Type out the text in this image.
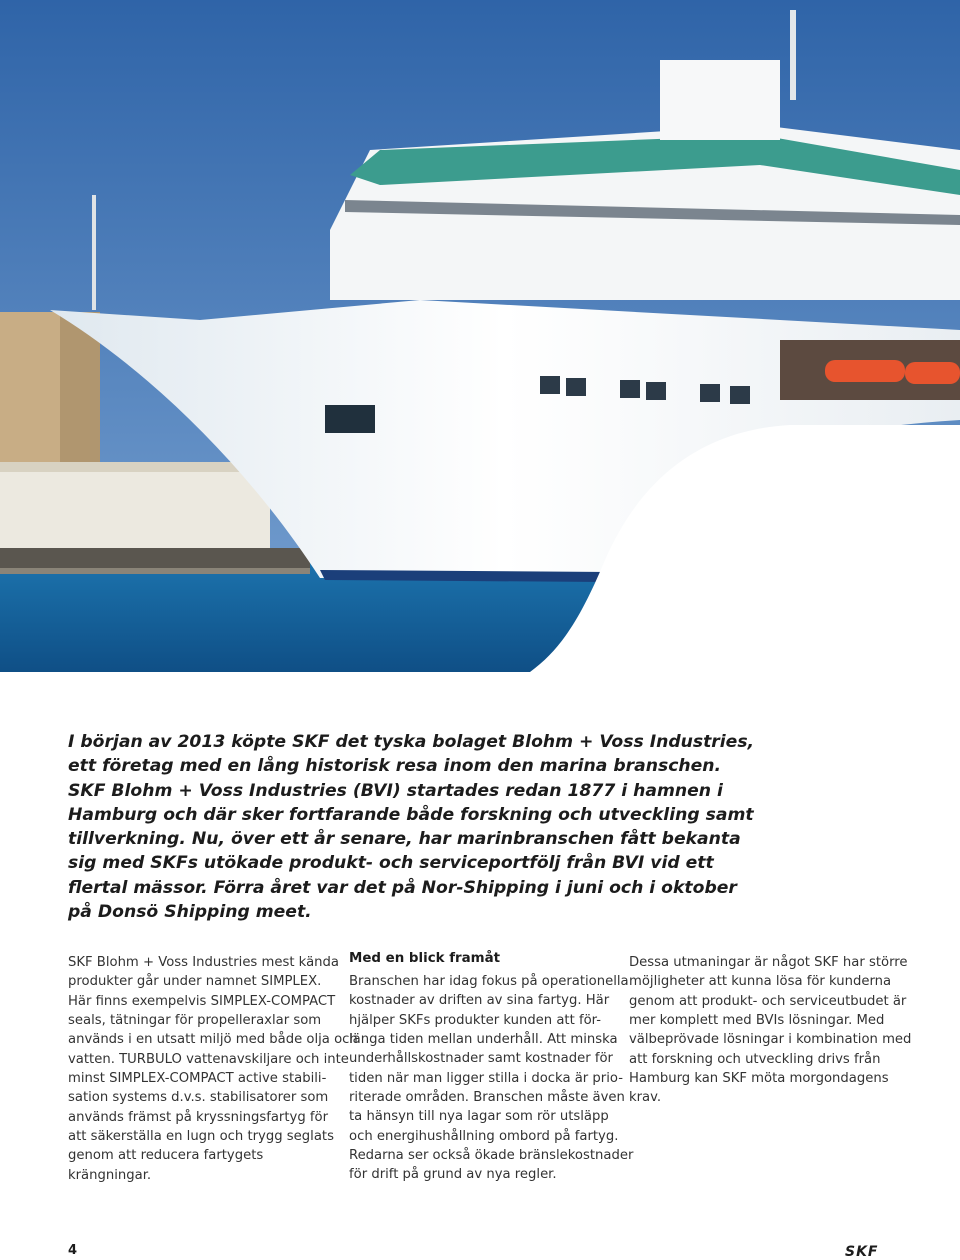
I början av 2013 köpte SKF det tyska bolaget Blohm + Voss Industries,

ett företag med en lång historisk resa inom den marina branschen.

SKF Blohm + Voss Industries (BVI) startades redan 1877 i hamnen i

Hamburg och där sker fortfarande både forskning och utveckling samt

tillverkning. Nu, över ett år senare, har marinbranschen fått bekanta

sig med SKFs utökade produkt- och serviceportfölj från BVI vid ett

flertal mässor. Förra året var det på Nor-Shipping i juni och i oktober

på Donsö Shipping meet.

SKF Blohm + Voss Industries mest kända

produkter går under namnet SIMPLEX.

Här finns exempelvis SIMPLEX-COMPACT

seals, tätningar för propelleraxlar som

används i en utsatt miljö med både olja och

vatten. TURBULO vattenavskiljare och inte

minst SIMPLEX-COMPACT active stabili-

sation systems d.v.s. stabilisatorer som

används främst på kryssningsfartyg för

att säkerställa en lugn och trygg seglats

genom att reducera fartygets

krängningar.

Med en blick framåt

Branschen har idag fokus på operationella

kostnader av driften av sina fartyg. Här

hjälper SKFs produkter kunden att för-

länga tiden mellan underhåll. Att minska

underhållskostnader samt kostnader för

tiden när man ligger stilla i docka är prio-

riterade områden. Branschen måste även

ta hänsyn till nya lagar som rör utsläpp

och energihushållning ombord på fartyg.

Redarna ser också ökade bränslekostnader

för drift på grund av nya regler.

Dessa utmaningar är något SKF har större

möjligheter att kunna lösa för kunderna

genom att produkt- och serviceutbudet är

mer komplett med BVIs lösningar. Med

välbeprövade lösningar i kombination med

att forskning och utveckling drivs från

Hamburg kan SKF möta morgondagens

krav.

4	SKF
